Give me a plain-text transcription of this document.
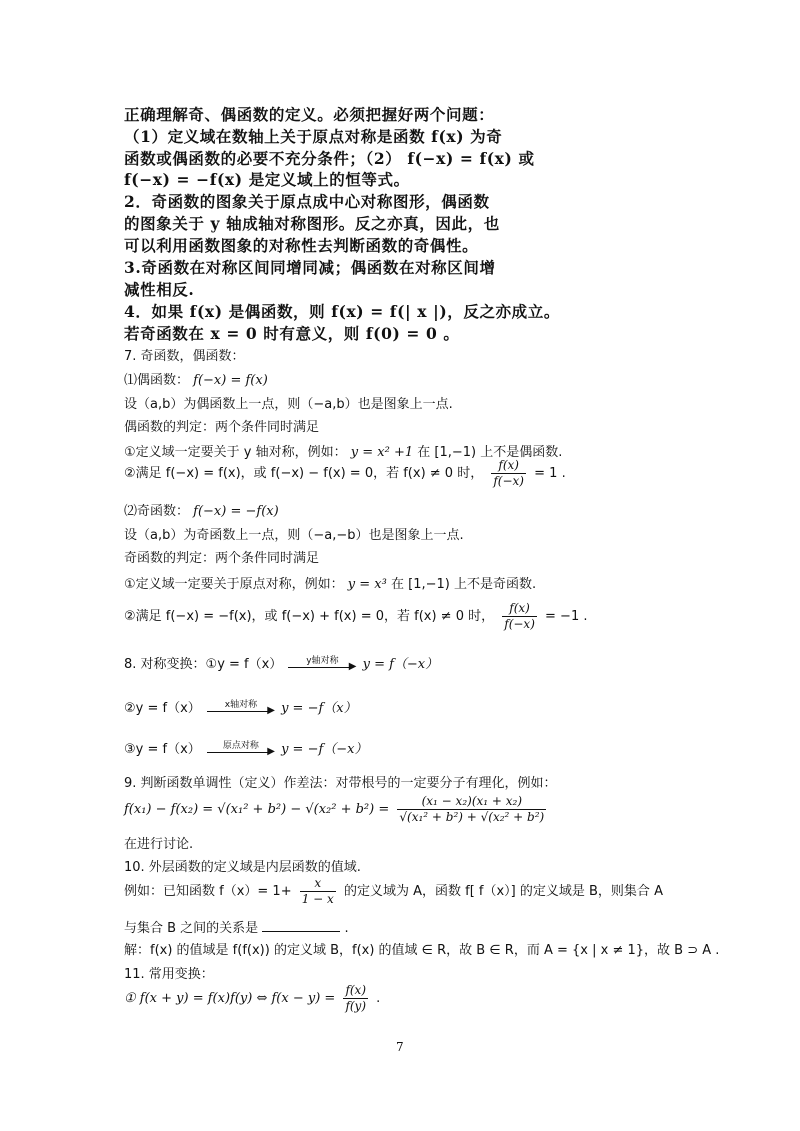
正确理解奇、偶函数的定义。必须把握好两个问题：
（1）定义域在数轴上关于原点对称是函数 f(x) 为奇
函数或偶函数的必要不充分条件；（2） f(−x) = f(x) 或
f(−x) = −f(x) 是定义域上的恒等式。
2．奇函数的图象关于原点成中心对称图形，偶函数
的图象关于 y 轴成轴对称图形。反之亦真，因此，也
可以利用函数图象的对称性去判断函数的奇偶性。
3.奇函数在对称区间同增同减；偶函数在对称区间增
减性相反.
4．如果 f(x) 是偶函数，则 f(x) = f(| x |)，反之亦成立。
若奇函数在 x = 0 时有意义，则 f(0) = 0 。
7. 奇函数，偶函数：
⑴偶函数： f(−x) = f(x)
设（a,b）为偶函数上一点，则（−a,b）也是图象上一点.
偶函数的判定：两个条件同时满足
①定义域一定要关于 y 轴对称，例如： y = x² +1 在 [1,−1) 上不是偶函数.
②满足 f(−x) = f(x)，或 f(−x) − f(x) = 0，若 f(x) ≠ 0 时， $\frac{f(x)}{f(-x)} = 1$ .
⑵奇函数： f(−x) = −f(x)
设（a,b）为奇函数上一点，则（−a,−b）也是图象上一点.
奇函数的判定：两个条件同时满足
①定义域一定要关于原点对称，例如： y = x³ 在 [1,−1) 上不是奇函数.
②满足 f(−x) = −f(x)，或 f(−x) + f(x) = 0，若 f(x) ≠ 0 时， $\frac{f(x)}{f(-x)} = -1$ .
8. 对称变换：①y = f（x）	y轴对称	▶ y = f（−x）
②y = f（x）	x轴对称	▶ y = −f（x）
③y = f（x）	原点对称 ▶ y = −f（−x）
9. 判断函数单调性（定义）作差法：对带根号的一定要分子有理化，例如：
$f(x_1) - f(x_2) = √(x_1^2 + b^2) - √(x_2^2 + b^2) = \frac{\text{(x₁ − x₂)(x₁ + x₂)}}{\text{√(x₁² + b²) + √(x₂² + b²)}}$
在进行讨论.
10. 外层函数的定义域是内层函数的值域.
例如：已知函数 $f(x)= 1+ \frac{x}{1 - x}$ 的定义域为 A，函数 f[ f（x）] 的定义域是 B，则集合 A
与集合 B 之间的关系是	.
解：f(x) 的值域是 f(f(x)) 的定义域 B，f(x) 的值域 ∈ R，故 B ∈ R，而 A = {x | x ≠ 1}，故 B ⊃ A .
11. 常用变换：
① f(x + y) = f(x)f(y) ⇔ $f(x - y) = \frac{f(x)}{f(y)}$ .
7
